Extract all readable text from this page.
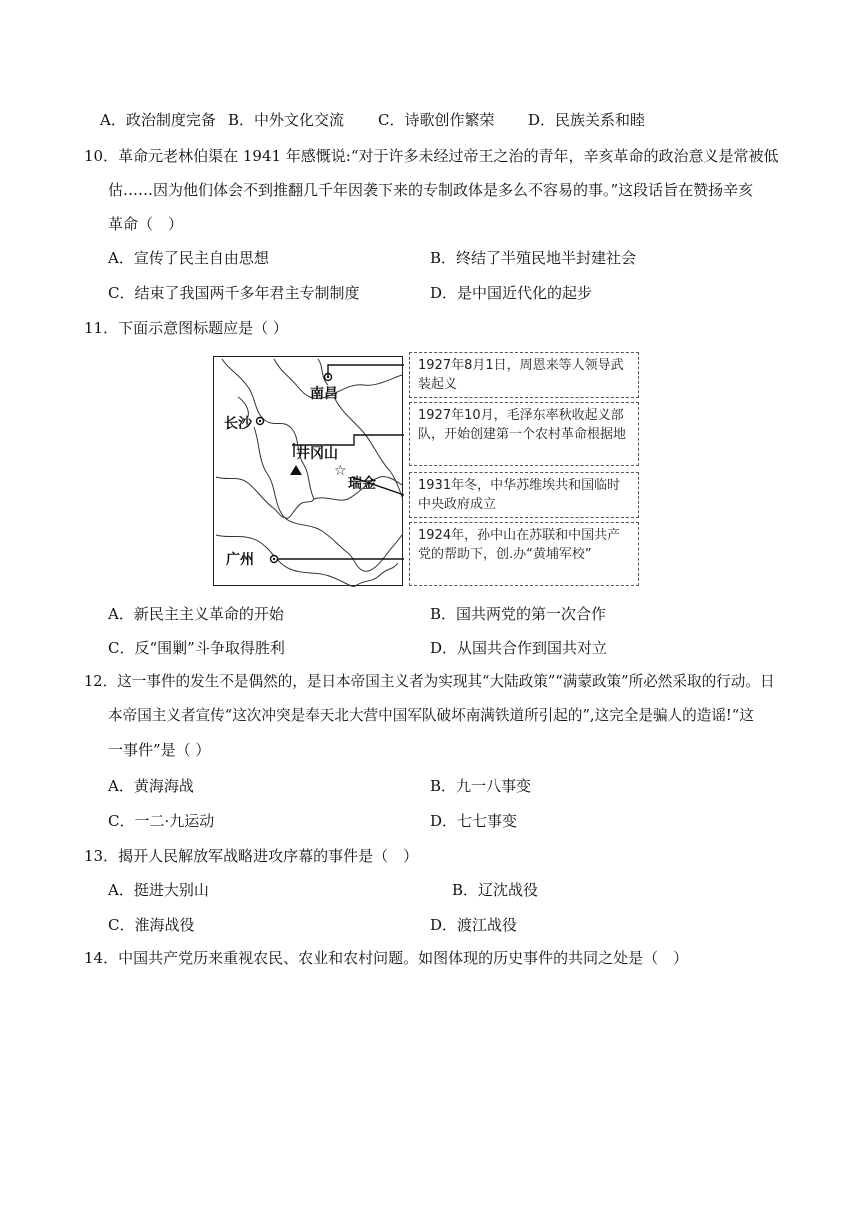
A．政治制度完备 B．中外文化交流 C．诗歌创作繁荣 D．民族关系和睦
10．革命元老林伯渠在 1941 年感慨说:“对于许多未经过帝王之治的青年，辛亥革命的政治意义是常被低
估……因为他们体会不到推翻几千年因袭下来的专制政体是多么不容易的事。”这段话旨在赞扬辛亥
革命（　）
A．宣传了民主自由思想	B．终结了半殖民地半封建社会
C．结束了我国两千多年君主专制制度	D．是中国近代化的起步
11．下面示意图标题应是（ ）
☆
南昌
长沙
井冈山
瑞金
广州
1927年8月1日，周恩来等人领导武装起义
1927年10月，毛泽东率秋收起义部队，开始创建第一个农村革命根据地
1931年冬，中华苏维埃共和国临时中央政府成立
1924年，孙中山在苏联和中国共产党的帮助下，创.办“黄埔军校”
A．新民主主义革命的开始	B．国共两党的第一次合作
C．反“围剿”斗争取得胜利	D．从国共合作到国共对立
12．这一事件的发生不是偶然的，是日本帝国主义者为实现其“大陆政策”“满蒙政策”所必然采取的行动。日
本帝国主义者宣传“这次冲突是奉天北大营中国军队破坏南满铁道所引起的”,这完全是骗人的造谣!“这
一事件”是（ ）
A．黄海海战	B．九一八事变
C．一二·九运动	D．七七事变
13．揭开人民解放军战略进攻序幕的事件是（　）
A．挺进大别山	B．辽沈战役
C．淮海战役	D．渡江战役
14．中国共产党历来重视农民、农业和农村问题。如图体现的历史事件的共同之处是（　）
